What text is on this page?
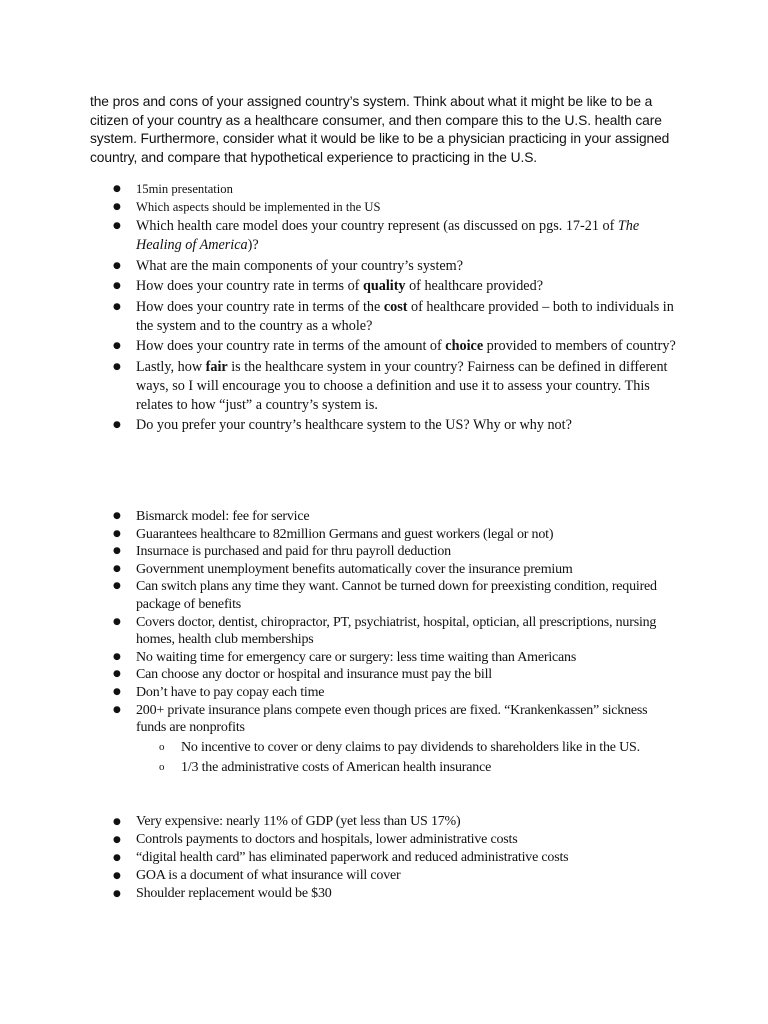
the pros and cons of your assigned country’s system. Think about what it might be like to be a citizen of your country as a healthcare consumer, and then compare this to the U.S. health care system. Furthermore, consider what it would be like to be a physician practicing in your assigned country, and compare that hypothetical experience to practicing in the U.S.

● 15min presentation
● Which aspects should be implemented in the US
● Which health care model does your country represent (as discussed on pgs. 17-21 of The Healing of America)?
● What are the main components of your country’s system?
● How does your country rate in terms of quality of healthcare provided?
● How does your country rate in terms of the cost of healthcare provided – both to individuals in the system and to the country as a whole?
● How does your country rate in terms of the amount of choice provided to members of country?
● Lastly, how fair is the healthcare system in your country? Fairness can be defined in different ways, so I will encourage you to choose a definition and use it to assess your country. This relates to how “just” a country’s system is.
● Do you prefer your country’s healthcare system to the US? Why or why not?
● Bismarck model: fee for service
● Guarantees healthcare to 82million Germans and guest workers (legal or not)
● Insurnace is purchased and paid for thru payroll deduction
● Government unemployment benefits automatically cover the insurance premium
● Can switch plans any time they want. Cannot be turned down for preexisting condition, required package of benefits
● Covers doctor, dentist, chiropractor, PT, psychiatrist, hospital, optician, all prescriptions, nursing homes, health club memberships
● No waiting time for emergency care or surgery: less time waiting than Americans
● Can choose any doctor or hospital and insurance must pay the bill
● Don’t have to pay copay each time
● 200+ private insurance plans compete even though prices are fixed. “Krankenkassen” sickness funds are nonprofits
o No incentive to cover or deny claims to pay dividends to shareholders like in the US.
o 1/3 the administrative costs of American health insurance
● Very expensive: nearly 11% of GDP (yet less than US 17%)
● Controls payments to doctors and hospitals, lower administrative costs
● “digital health card” has eliminated paperwork and reduced administrative costs
● GOA is a document of what insurance will cover
● Shoulder replacement would be $30
